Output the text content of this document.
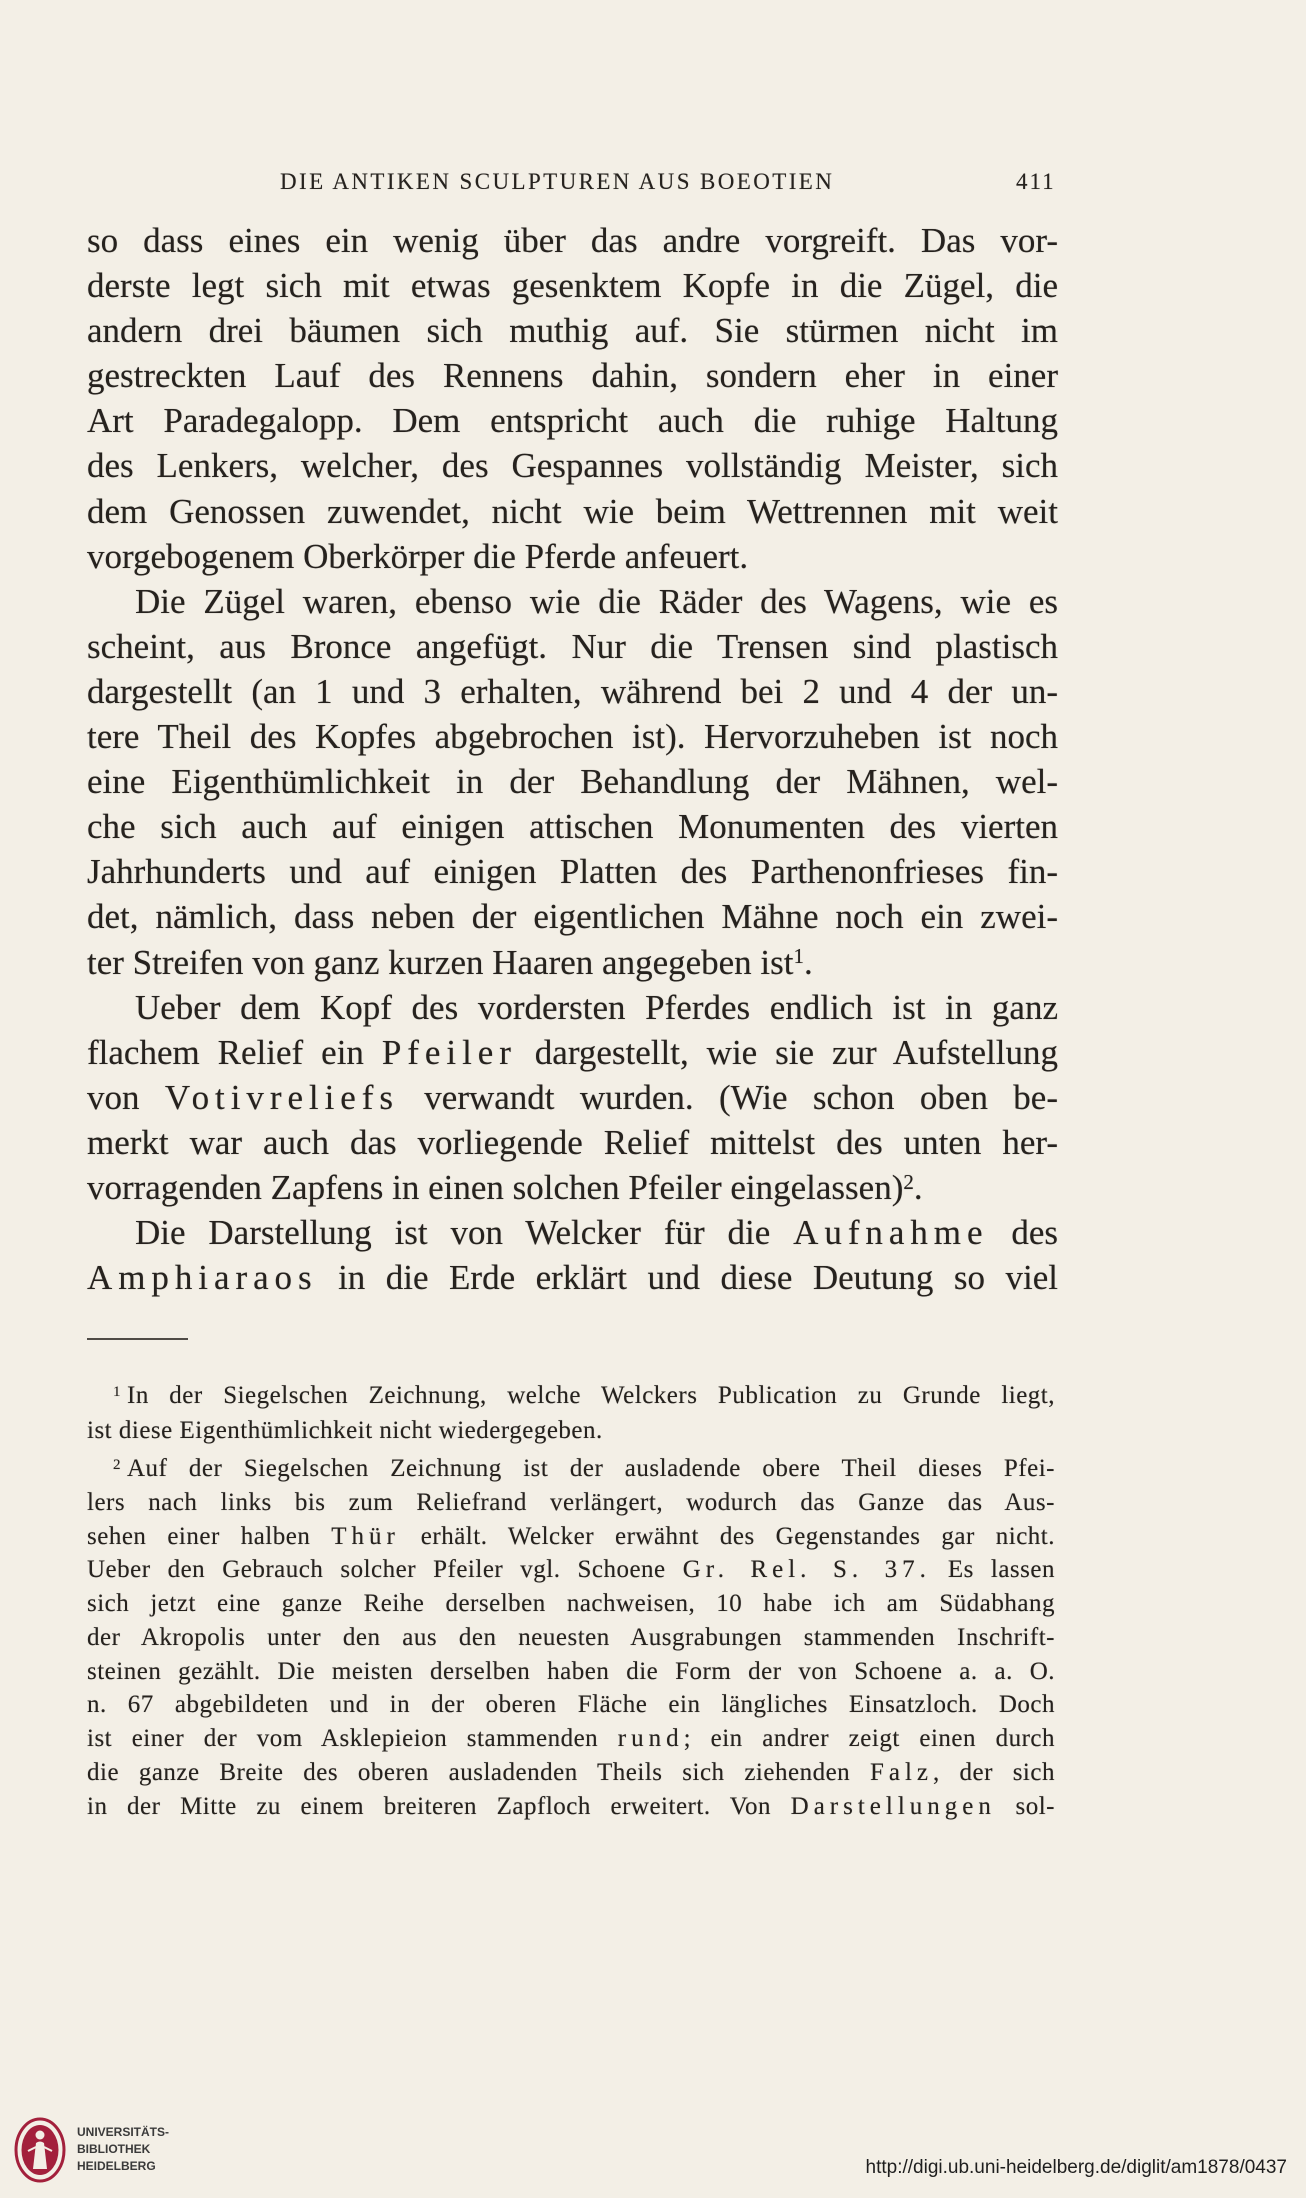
DIE ANTIKEN SCULPTUREN AUS BOEOTIEN	411
so dass eines ein wenig über das andre vorgreift. Das vor-
derste legt sich mit etwas gesenktem Kopfe in die Zügel, die
andern drei bäumen sich muthig auf. Sie stürmen nicht im
gestreckten Lauf des Rennens dahin, sondern eher in einer
Art Paradegalopp. Dem entspricht auch die ruhige Haltung
des Lenkers, welcher, des Gespannes vollständig Meister, sich
dem Genossen zuwendet, nicht wie beim Wettrennen mit weit
vorgebogenem Oberkörper die Pferde anfeuert.
Die Zügel waren, ebenso wie die Räder des Wagens, wie es
scheint, aus Bronce angefügt. Nur die Trensen sind plastisch
dargestellt (an 1 und 3 erhalten, während bei 2 und 4 der un-
tere Theil des Kopfes abgebrochen ist). Hervorzuheben ist noch
eine Eigenthümlichkeit in der Behandlung der Mähnen, wel-
che sich auch auf einigen attischen Monumenten des vierten
Jahrhunderts und auf einigen Platten des Parthenonfrieses fin-
det, nämlich, dass neben der eigentlichen Mähne noch ein zwei-
ter Streifen von ganz kurzen Haaren angegeben ist$^1$.
Ueber dem Kopf des vordersten Pferdes endlich ist in ganz
flachem Relief ein Pfeiler dargestellt, wie sie zur Aufstellung
von Votivreliefs verwandt wurden. (Wie schon oben be-
merkt war auch das vorliegende Relief mittelst des unten her-
vorragenden Zapfens in einen solchen Pfeiler eingelassen)$^2$.
Die Darstellung ist von Welcker für die Aufnahme des
Amphiaraos in die Erde erklärt und diese Deutung so viel
$^1$ In der Siegelschen Zeichnung, welche Welckers Publication zu Grunde liegt,
ist diese Eigenthümlichkeit nicht wiedergegeben.
$^2$ Auf der Siegelschen Zeichnung ist der ausladende obere Theil dieses Pfei-
lers nach links bis zum Reliefrand verlängert, wodurch das Ganze das Aus-
sehen einer halben Thür erhält. Welcker erwähnt des Gegenstandes gar nicht.
Ueber den Gebrauch solcher Pfeiler vgl. Schoene Gr. Rel. S. 37. Es lassen
sich jetzt eine ganze Reihe derselben nachweisen, 10 habe ich am Südabhang
der Akropolis unter den aus den neuesten Ausgrabungen stammenden Inschrift-
steinen gezählt. Die meisten derselben haben die Form der von Schoene a. a. O.
n. 67 abgebildeten und in der oberen Fläche ein längliches Einsatzloch. Doch
ist einer der vom Asklepieion stammenden rund; ein andrer zeigt einen durch
die ganze Breite des oberen ausladenden Theils sich ziehenden Falz, der sich
in der Mitte zu einem breiteren Zapfloch erweitert. Von Darstellungen sol-
UNIVERSITÄTS-
BIBLIOTHEK
HEIDELBERG	http://digi.ub.uni-heidelberg.de/diglit/am1878/0437
